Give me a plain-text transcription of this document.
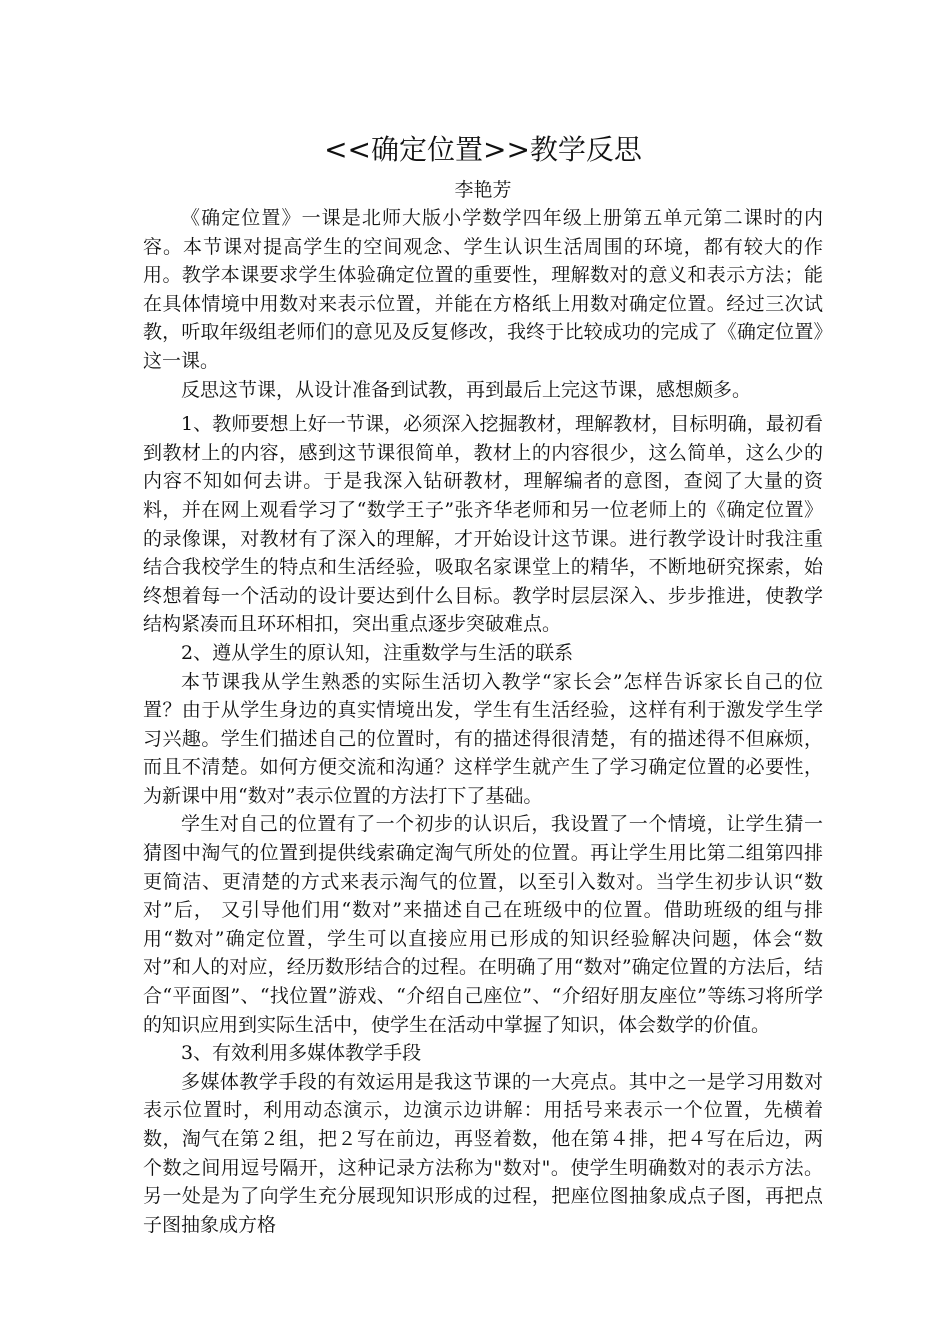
<<确定位置>>教学反思
李艳芳

《确定位置》一课是北师大版小学数学四年级上册第五单元第二课时的内容。本节课对提高学生的空间观念、学生认识生活周围的环境，都有较大的作用。教学本课要求学生体验确定位置的重要性，理解数对的意义和表示方法；能在具体情境中用数对来表示位置，并能在方格纸上用数对确定位置。经过三次试教，听取年级组老师们的意见及反复修改，我终于比较成功的完成了《确定位置》这一课。

反思这节课，从设计准备到试教，再到最后上完这节课，感想颇多。

1、教师要想上好一节课，必须深入挖掘教材，理解教材，目标明确，最初看到教材上的内容，感到这节课很简单，教材上的内容很少，这么简单，这么少的内容不知如何去讲。于是我深入钻研教材，理解编者的意图，查阅了大量的资料，并在网上观看学习了“数学王子”张齐华老师和另一位老师上的《确定位置》的录像课，对教材有了深入的理解，才开始设计这节课。进行教学设计时我注重结合我校学生的特点和生活经验，吸取名家课堂上的精华，不断地研究探索，始终想着每一个活动的设计要达到什么目标。教学时层层深入、步步推进，使教学结构紧凑而且环环相扣，突出重点逐步突破难点。

2、遵从学生的原认知，注重数学与生活的联系

本节课我从学生熟悉的实际生活切入教学“家长会”怎样告诉家长自己的位置？由于从学生身边的真实情境出发，学生有生活经验，这样有利于激发学生学习兴趣。学生们描述自己的位置时，有的描述得很清楚，有的描述得不但麻烦，而且不清楚。如何方便交流和沟通？这样学生就产生了学习确定位置的必要性，为新课中用“数对”表示位置的方法打下了基础。

学生对自己的位置有了一个初步的认识后，我设置了一个情境，让学生猜一猜图中淘气的位置到提供线索确定淘气所处的位置。再让学生用比第二组第四排更简洁、更清楚的方式来表示淘气的位置，以至引入数对。当学生初步认识“数对”后， 又引导他们用“数对”来描述自己在班级中的位置。借助班级的组与排用“数对”确定位置，学生可以直接应用已形成的知识经验解决问题，体会“数对”和人的对应，经历数形结合的过程。在明确了用“数对”确定位置的方法后，结合“平面图”、“找位置”游戏、“介绍自己座位”、“介绍好朋友座位”等练习将所学的知识应用到实际生活中，使学生在活动中掌握了知识，体会数学的价值。

3、有效利用多媒体教学手段

多媒体教学手段的有效运用是我这节课的一大亮点。其中之一是学习用数对表示位置时，利用动态演示，边演示边讲解：用括号来表示一个位置，先横着数，淘气在第２组，把２写在前边，再竖着数，他在第４排，把４写在后边，两个数之间用逗号隔开，这种记录方法称为"数对"。使学生明确数对的表示方法。另一处是为了向学生充分展现知识形成的过程，把座位图抽象成点子图，再把点子图抽象成方格
